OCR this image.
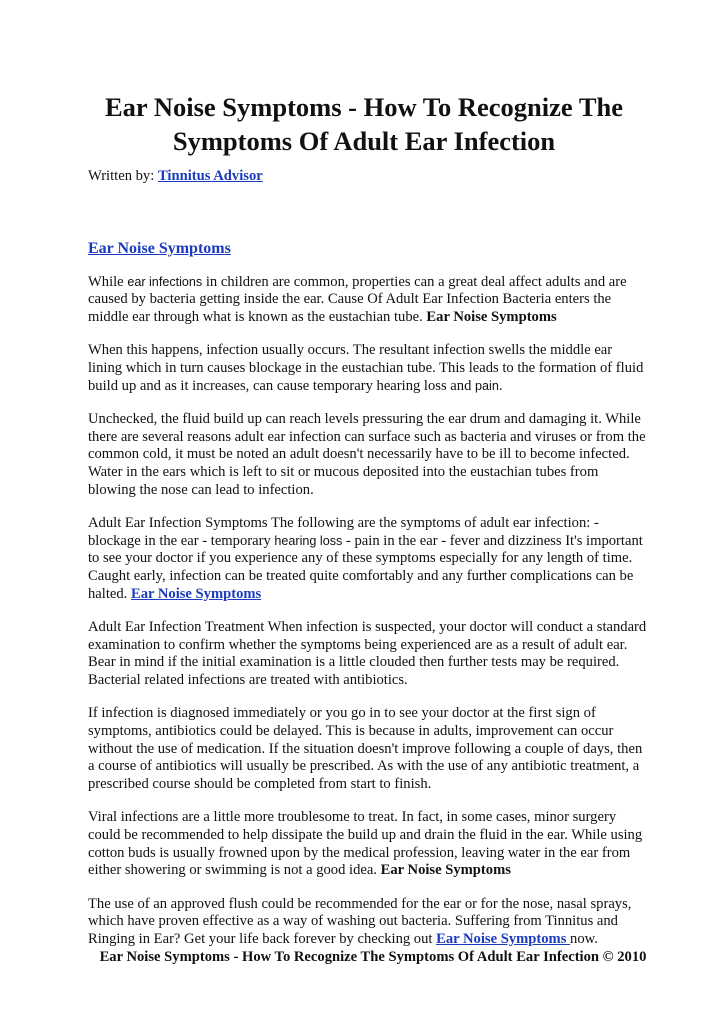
Ear Noise Symptoms - How To Recognize The Symptoms Of Adult Ear Infection

Written by: Tinnitus Advisor

Ear Noise Symptoms

While ear infections in children are common, properties can a great deal affect adults and are caused by bacteria getting inside the ear. Cause Of Adult Ear Infection Bacteria enters the middle ear through what is known as the eustachian tube. Ear Noise Symptoms

When this happens, infection usually occurs. The resultant infection swells the middle ear lining which in turn causes blockage in the eustachian tube. This leads to the formation of fluid build up and as it increases, can cause temporary hearing loss and pain.

Unchecked, the fluid build up can reach levels pressuring the ear drum and damaging it. While there are several reasons adult ear infection can surface such as bacteria and viruses or from the common cold, it must be noted an adult doesn't necessarily have to be ill to become infected. Water in the ears which is left to sit or mucous deposited into the eustachian tubes from blowing the nose can lead to infection.

Adult Ear Infection Symptoms The following are the symptoms of adult ear infection: - blockage in the ear - temporary hearing loss - pain in the ear - fever and dizziness It's important to see your doctor if you experience any of these symptoms especially for any length of time. Caught early, infection can be treated quite comfortably and any further complications can be halted. Ear Noise Symptoms

Adult Ear Infection Treatment When infection is suspected, your doctor will conduct a standard examination to confirm whether the symptoms being experienced are as a result of adult ear. Bear in mind if the initial examination is a little clouded then further tests may be required. Bacterial related infections are treated with antibiotics.

If infection is diagnosed immediately or you go in to see your doctor at the first sign of symptoms, antibiotics could be delayed. This is because in adults, improvement can occur without the use of medication. If the situation doesn't improve following a couple of days, then a course of antibiotics will usually be prescribed. As with the use of any antibiotic treatment, a prescribed course should be completed from start to finish.

Viral infections are a little more troublesome to treat. In fact, in some cases, minor surgery could be recommended to help dissipate the build up and drain the fluid in the ear. While using cotton buds is usually frowned upon by the medical profession, leaving water in the ear from either showering or swimming is not a good idea. Ear Noise Symptoms

The use of an approved flush could be recommended for the ear or for the nose, nasal sprays, which have proven effective as a way of washing out bacteria. Suffering from Tinnitus and Ringing in Ear? Get your life back forever by checking out Ear Noise Symptoms now.

Ear Noise Symptoms - How To Recognize The Symptoms Of Adult Ear Infection © 2010
